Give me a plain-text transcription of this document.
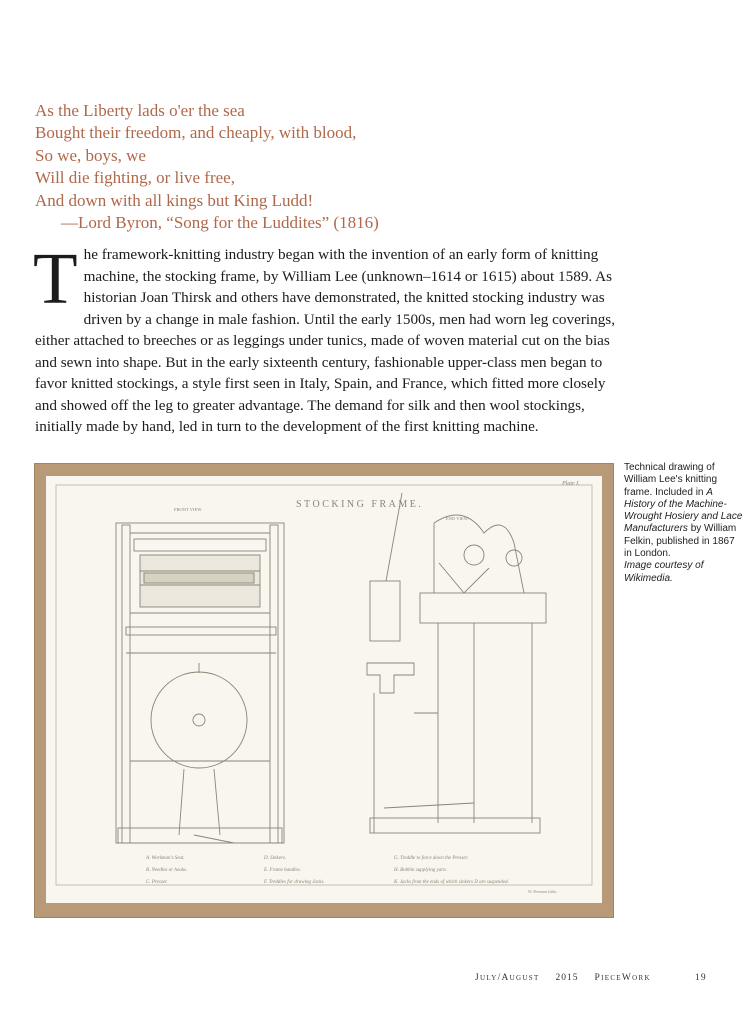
As the Liberty lads o'er the sea
Bought their freedom, and cheaply, with blood,
So we, boys, we
Will die fighting, or live free,
And down with all kings but King Ludd!
—Lord Byron, “Song for the Luddites” (1816)
The framework-knitting industry began with the invention of an early form of knitting machine, the stocking frame, by William Lee (unknown–1614 or 1615) about 1589. As historian Joan Thirsk and others have demonstrated, the knitted stocking industry was driven by a change in male fashion. Until the early 1500s, men had worn leg coverings, either attached to breeches or as leggings under tunics, made of woven material cut on the bias and sewn into shape. But in the early sixteenth century, fashionable upper-class men began to favor knitted stockings, a style first seen in Italy, Spain, and France, which fitted more closely and showed off the leg to greater advantage. The demand for silk and then wool stockings, initially made by hand, led in turn to the development of the first knitting machine.
STOCKING FRAME.
Plate I.
FRONT VIEW.
END VIEW.
A. Workman's Seat.
B. Needles or hooks.
C. Presser.
D. Sinkers.
E. Frame handles.
F. Treddles for drawing Jacks.
G. Treddle to force down the Presser.
H. Bobbin supplying yarn.
K. Jacks from the ends of which sinkers D are suspended.
W. Newman Litho.
Technical drawing of William Lee's knitting frame. Included in A History of the Machine-Wrought Hosiery and Lace Manufacturers by William Felkin, published in 1867 in London.
Image courtesy of Wikimedia.
July/August 2015 PieceWork	19
